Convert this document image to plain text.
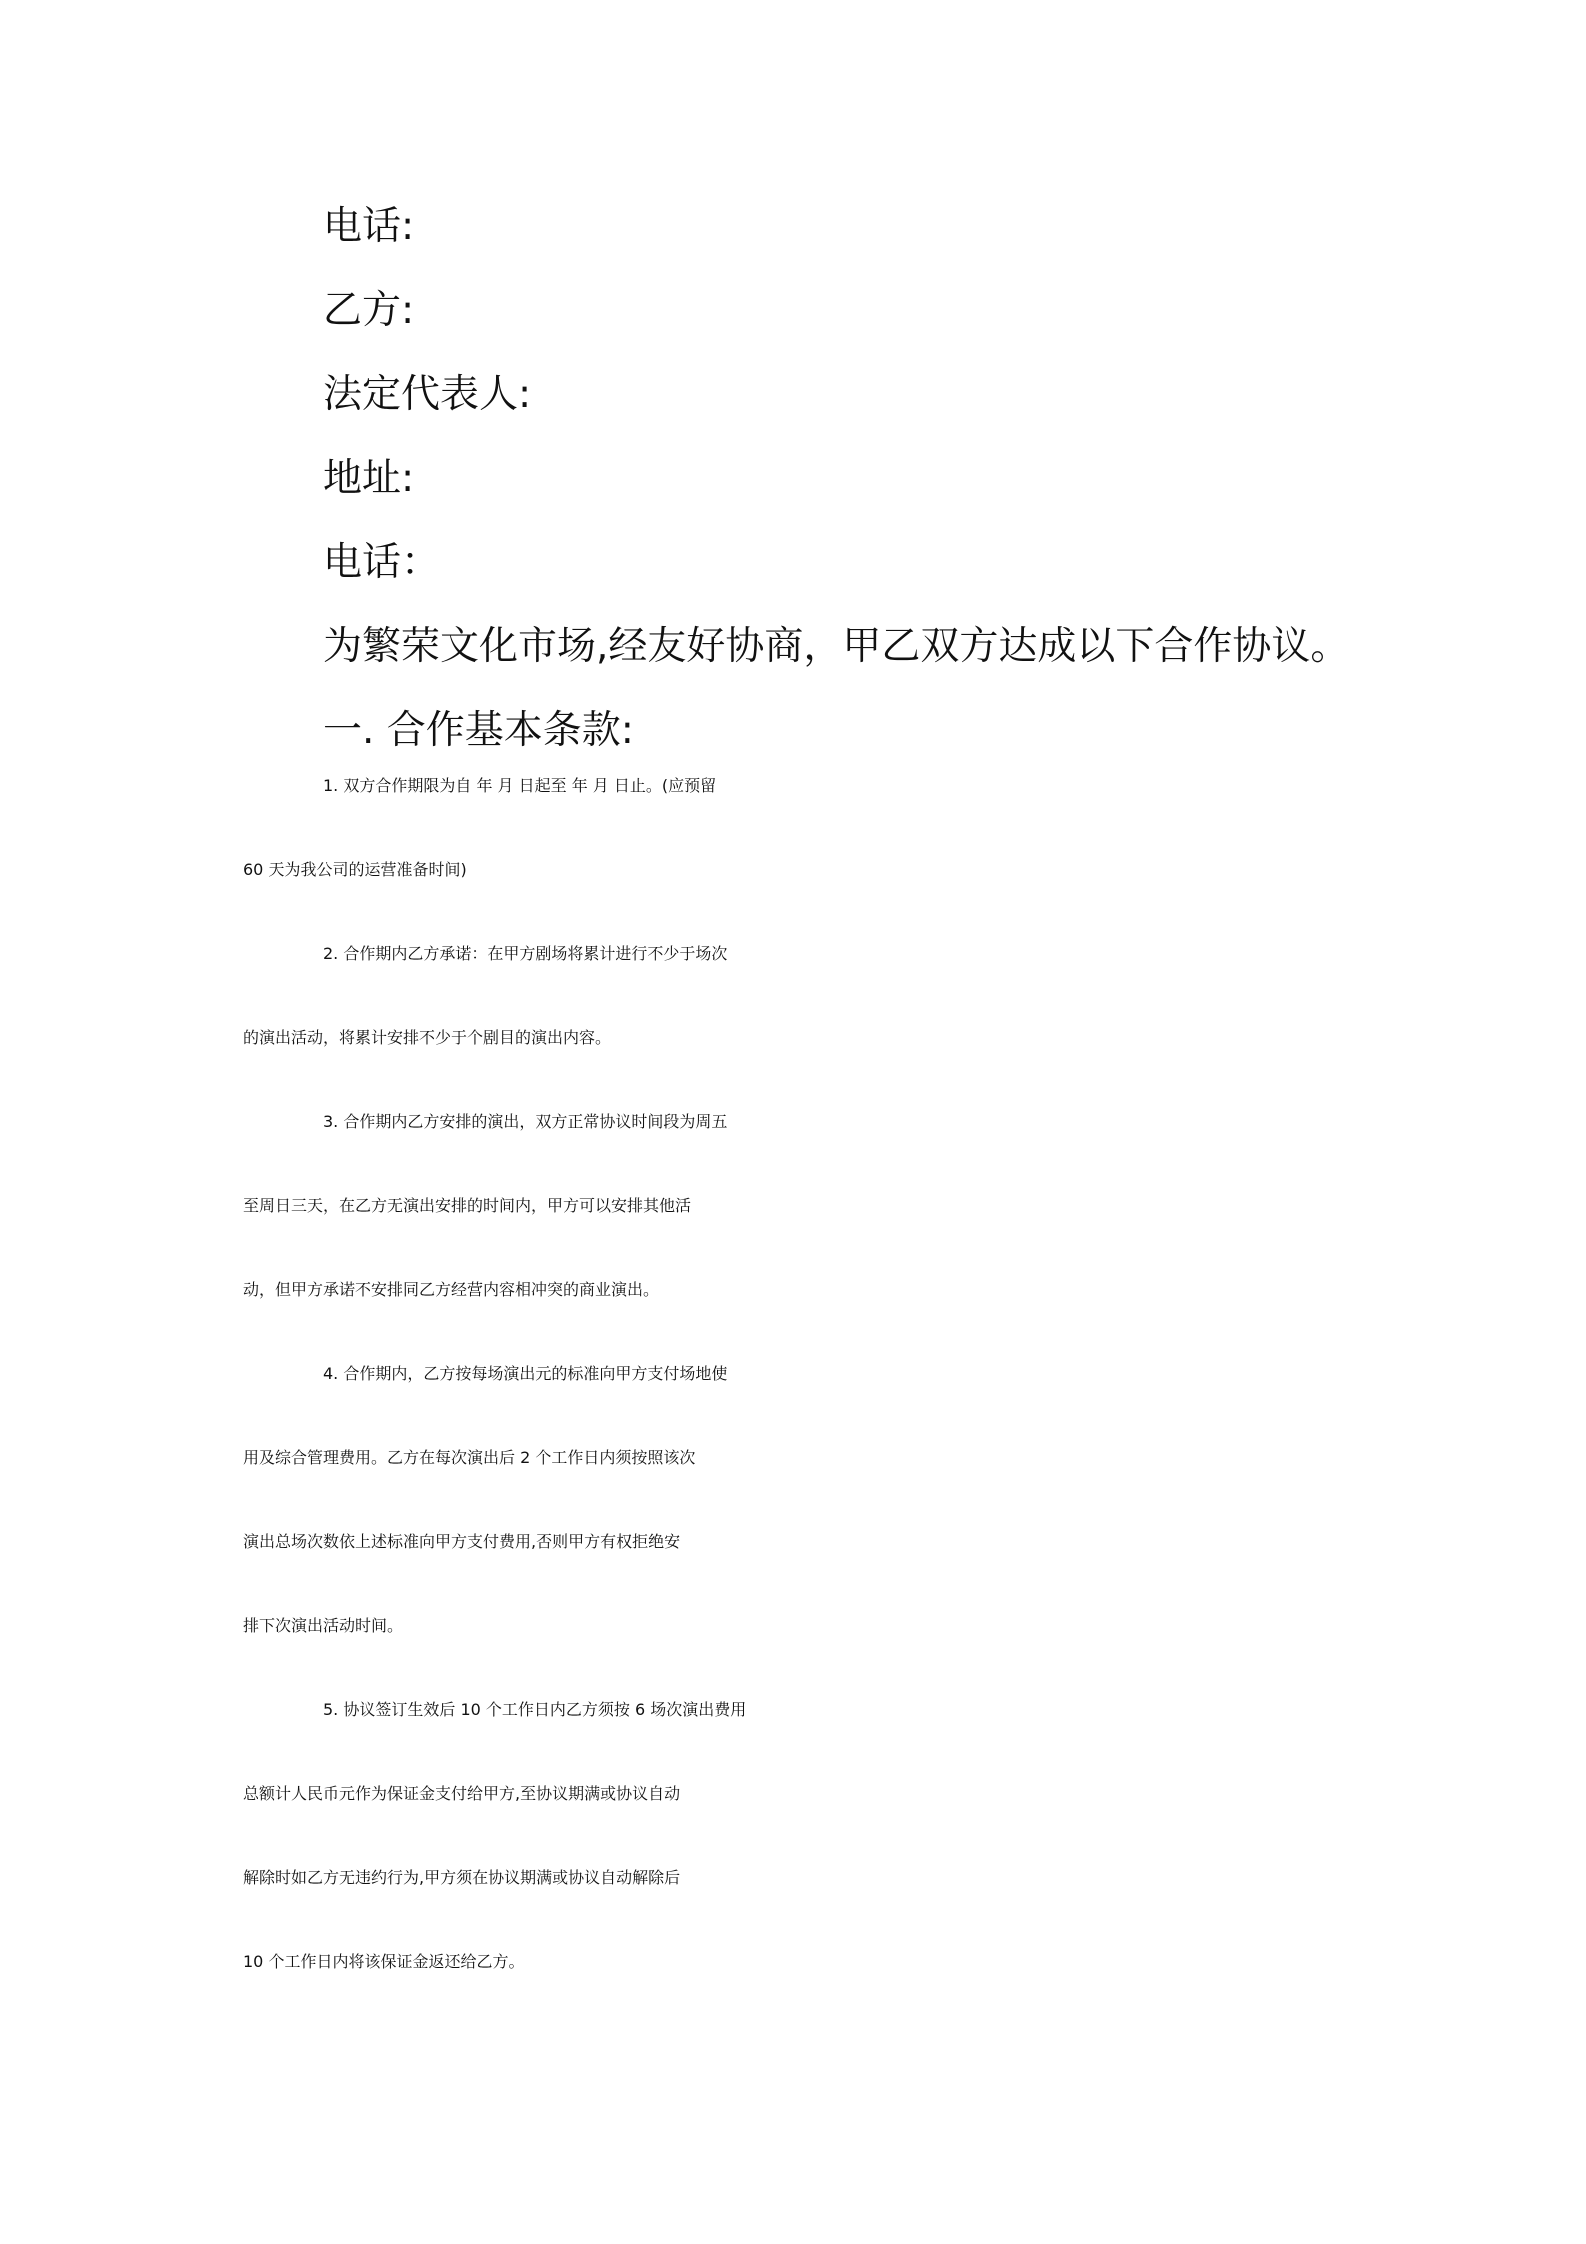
电话:
乙方:
法定代表人:
地址:
电话：
为繁荣文化市场,经友好协商，甲乙双方达成以下合作协议。
一. 合作基本条款:
1. 双方合作期限为自 年 月 日起至 年 月 日止。(应预留
60 天为我公司的运营准备时间)
2. 合作期内乙方承诺：在甲方剧场将累计进行不少于场次
的演出活动，将累计安排不少于个剧目的演出内容。
3. 合作期内乙方安排的演出，双方正常协议时间段为周五
至周日三天，在乙方无演出安排的时间内，甲方可以安排其他活
动，但甲方承诺不安排同乙方经营内容相冲突的商业演出。
4. 合作期内，乙方按每场演出元的标准向甲方支付场地使
用及综合管理费用。乙方在每次演出后 2 个工作日内须按照该次
演出总场次数依上述标准向甲方支付费用,否则甲方有权拒绝安
排下次演出活动时间。
5. 协议签订生效后 10 个工作日内乙方须按 6 场次演出费用
总额计人民币元作为保证金支付给甲方,至协议期满或协议自动
解除时如乙方无违约行为,甲方须在协议期满或协议自动解除后
10 个工作日内将该保证金返还给乙方。
